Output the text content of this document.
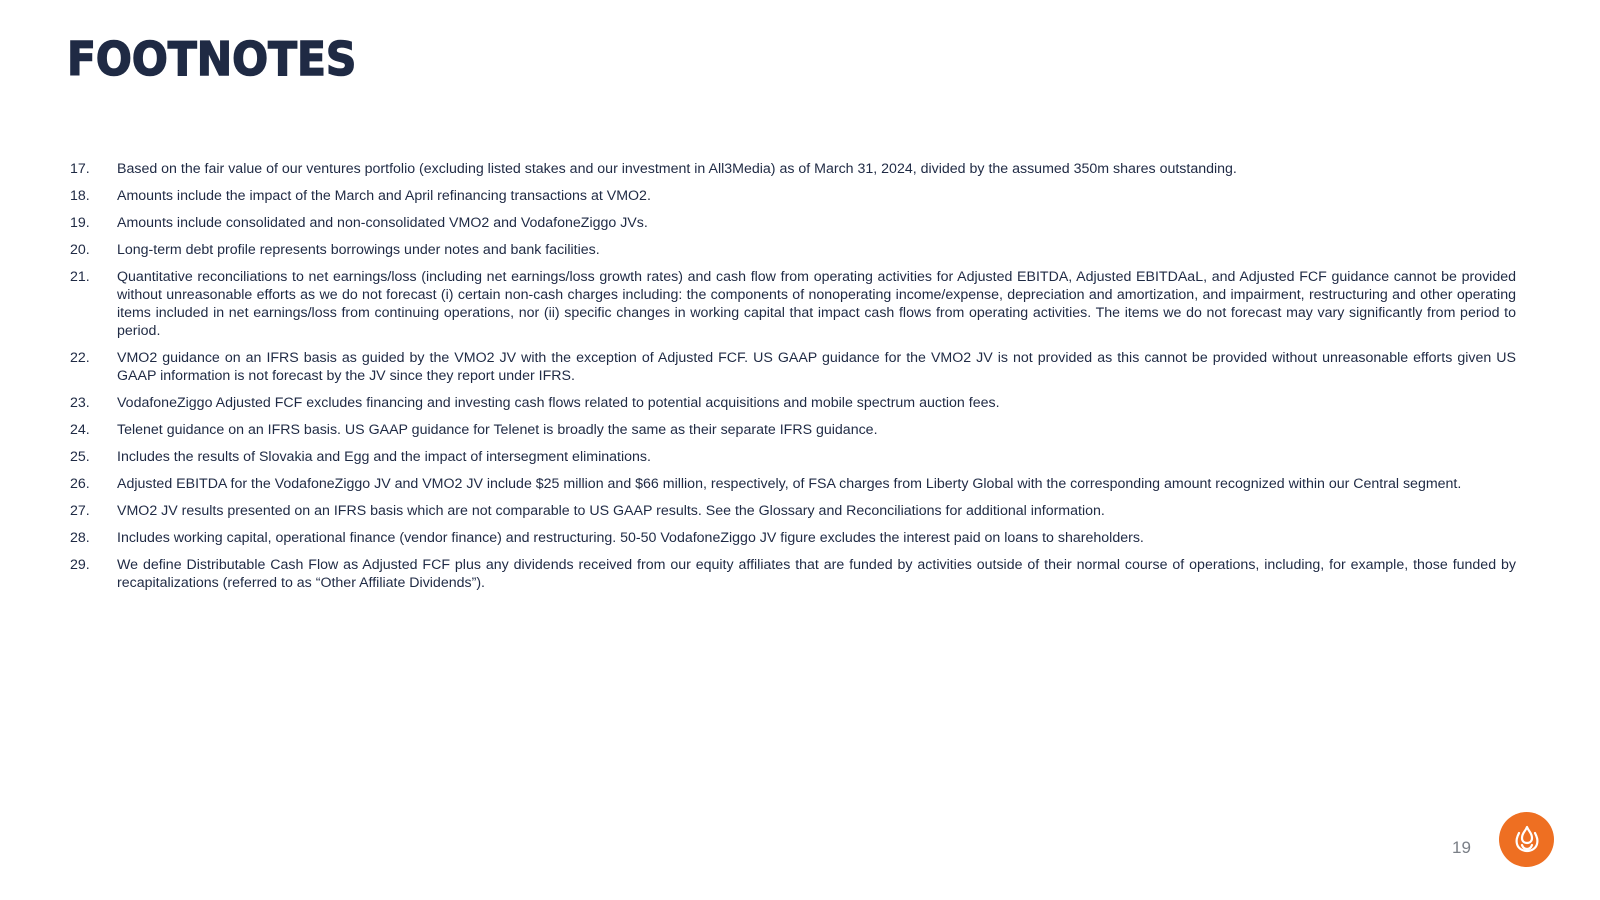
FOOTNOTES
17.	Based on the fair value of our ventures portfolio (excluding listed stakes and our investment in All3Media) as of March 31, 2024, divided by the assumed 350m shares outstanding.
18.	Amounts include the impact of the March and April refinancing transactions at VMO2.
19.	Amounts include consolidated and non-consolidated VMO2 and VodafoneZiggo JVs.
20.	Long-term debt profile represents borrowings under notes and bank facilities.
21.	Quantitative reconciliations to net earnings/loss (including net earnings/loss growth rates) and cash flow from operating activities for Adjusted EBITDA, Adjusted EBITDAaL, and Adjusted FCF guidance cannot be provided without unreasonable efforts as we do not forecast (i) certain non-cash charges including: the components of nonoperating income/expense, depreciation and amortization, and impairment, restructuring and other operating items included in net earnings/loss from continuing operations, nor (ii) specific changes in working capital that impact cash flows from operating activities. The items we do not forecast may vary significantly from period to period.
22.	VMO2 guidance on an IFRS basis as guided by the VMO2 JV with the exception of Adjusted FCF. US GAAP guidance for the VMO2 JV is not provided as this cannot be provided without unreasonable efforts given US GAAP information is not forecast by the JV since they report under IFRS.
23.	VodafoneZiggo Adjusted FCF excludes financing and investing cash flows related to potential acquisitions and mobile spectrum auction fees.
24.	Telenet guidance on an IFRS basis. US GAAP guidance for Telenet is broadly the same as their separate IFRS guidance.
25.	Includes the results of Slovakia and Egg and the impact of intersegment eliminations.
26.	Adjusted EBITDA for the VodafoneZiggo JV and VMO2 JV include $25 million and $66 million, respectively, of FSA charges from Liberty Global with the corresponding amount recognized within our Central segment.
27.	VMO2 JV results presented on an IFRS basis which are not comparable to US GAAP results. See the Glossary and Reconciliations for additional information.
28.	Includes working capital, operational finance (vendor finance) and restructuring. 50-50 VodafoneZiggo JV figure excludes the interest paid on loans to shareholders.
29.	We define Distributable Cash Flow as Adjusted FCF plus any dividends received from our equity affiliates that are funded by activities outside of their normal course of operations, including, for example, those funded by recapitalizations (referred to as “Other Affiliate Dividends”).
19
